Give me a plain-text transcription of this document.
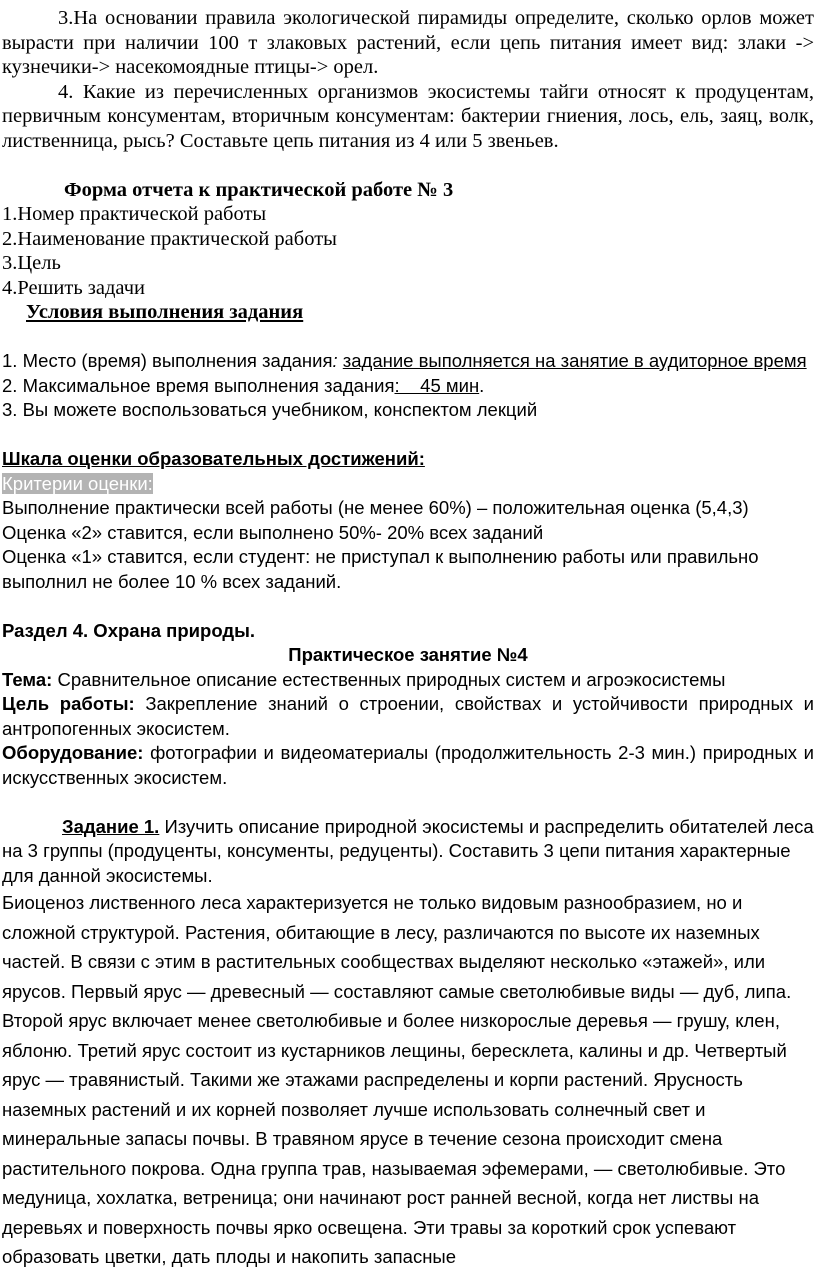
3.На основании правила экологической пирамиды определите, сколько орлов может вырасти при наличии 100 т злаковых растений, если цепь питания имеет вид: злаки -> кузнечики-> насекомоядные птицы-> орел.

4. Какие из перечисленных организмов экосистемы тайги относят к продуцентам, первичным консументам, вторичным консументам: бактерии гниения, лось, ель, заяц, волк, лиственница, рысь? Составьте цепь питания из 4 или 5 звеньев.

Форма отчета к практической работе № 3

1.Номер практической работы

2.Наименование практической работы

3.Цель

4.Решить задачи

Условия выполнения задания

1. Место (время) выполнения задания: задание выполняется на занятие в аудиторное время

2. Максимальное время выполнения задания:    45 мин.

3. Вы можете воспользоваться учебником, конспектом лекций

Шкала оценки образовательных достижений:

Критерии оценки:

Выполнение практически всей работы (не менее 60%) – положительная оценка (5,4,3)

Оценка «2» ставится, если выполнено 50%- 20% всех заданий

Оценка «1» ставится, если студент: не приступал к выполнению работы или правильно выполнил не более 10 % всех заданий.

Раздел 4. Охрана природы.

Практическое занятие №4

Тема: Сравнительное описание естественных природных систем и агроэкосистемы

Цель работы: Закрепление знаний о строении, свойствах и устойчивости природных и антропогенных экосистем.

Оборудование: фотографии и видеоматериалы (продолжительность 2-3 мин.) природных и искусственных экосистем.

Задание 1. Изучить описание природной экосистемы и распределить обитателей леса на 3 группы (продуценты, консументы, редуценты). Составить 3 цепи питания характерные для данной экосистемы.

Биоценоз лиственного леса характеризуется не только видовым разнообразием, но и сложной структурой. Растения, обитающие в лесу, различаются по высоте их наземных частей. В связи с этим в растительных сообществах выделяют несколько «этажей», или ярусов. Первый ярус — древесный — составляют самые светолюбивые виды — дуб, липа. Второй ярус включает менее светолюбивые и более низкорослые деревья — грушу, клен, яблоню. Третий ярус состоит из кустарников лещины, бересклета, калины и др. Четвертый ярус — травянистый. Такими же этажами распределены и корпи растений. Ярусность наземных растений и их корней позволяет лучше использовать солнечный свет и минеральные запасы почвы. В травяном ярусе в течение сезона происходит смена растительного покрова. Одна группа трав, называемая эфемерами, — светолюбивые. Это медуница, хохлатка, ветреница; они начинают рост ранней весной, когда нет листвы на деревьях и поверхность почвы ярко освещена. Эти травы за короткий срок успевают образовать цветки, дать плоды и накопить запасные
